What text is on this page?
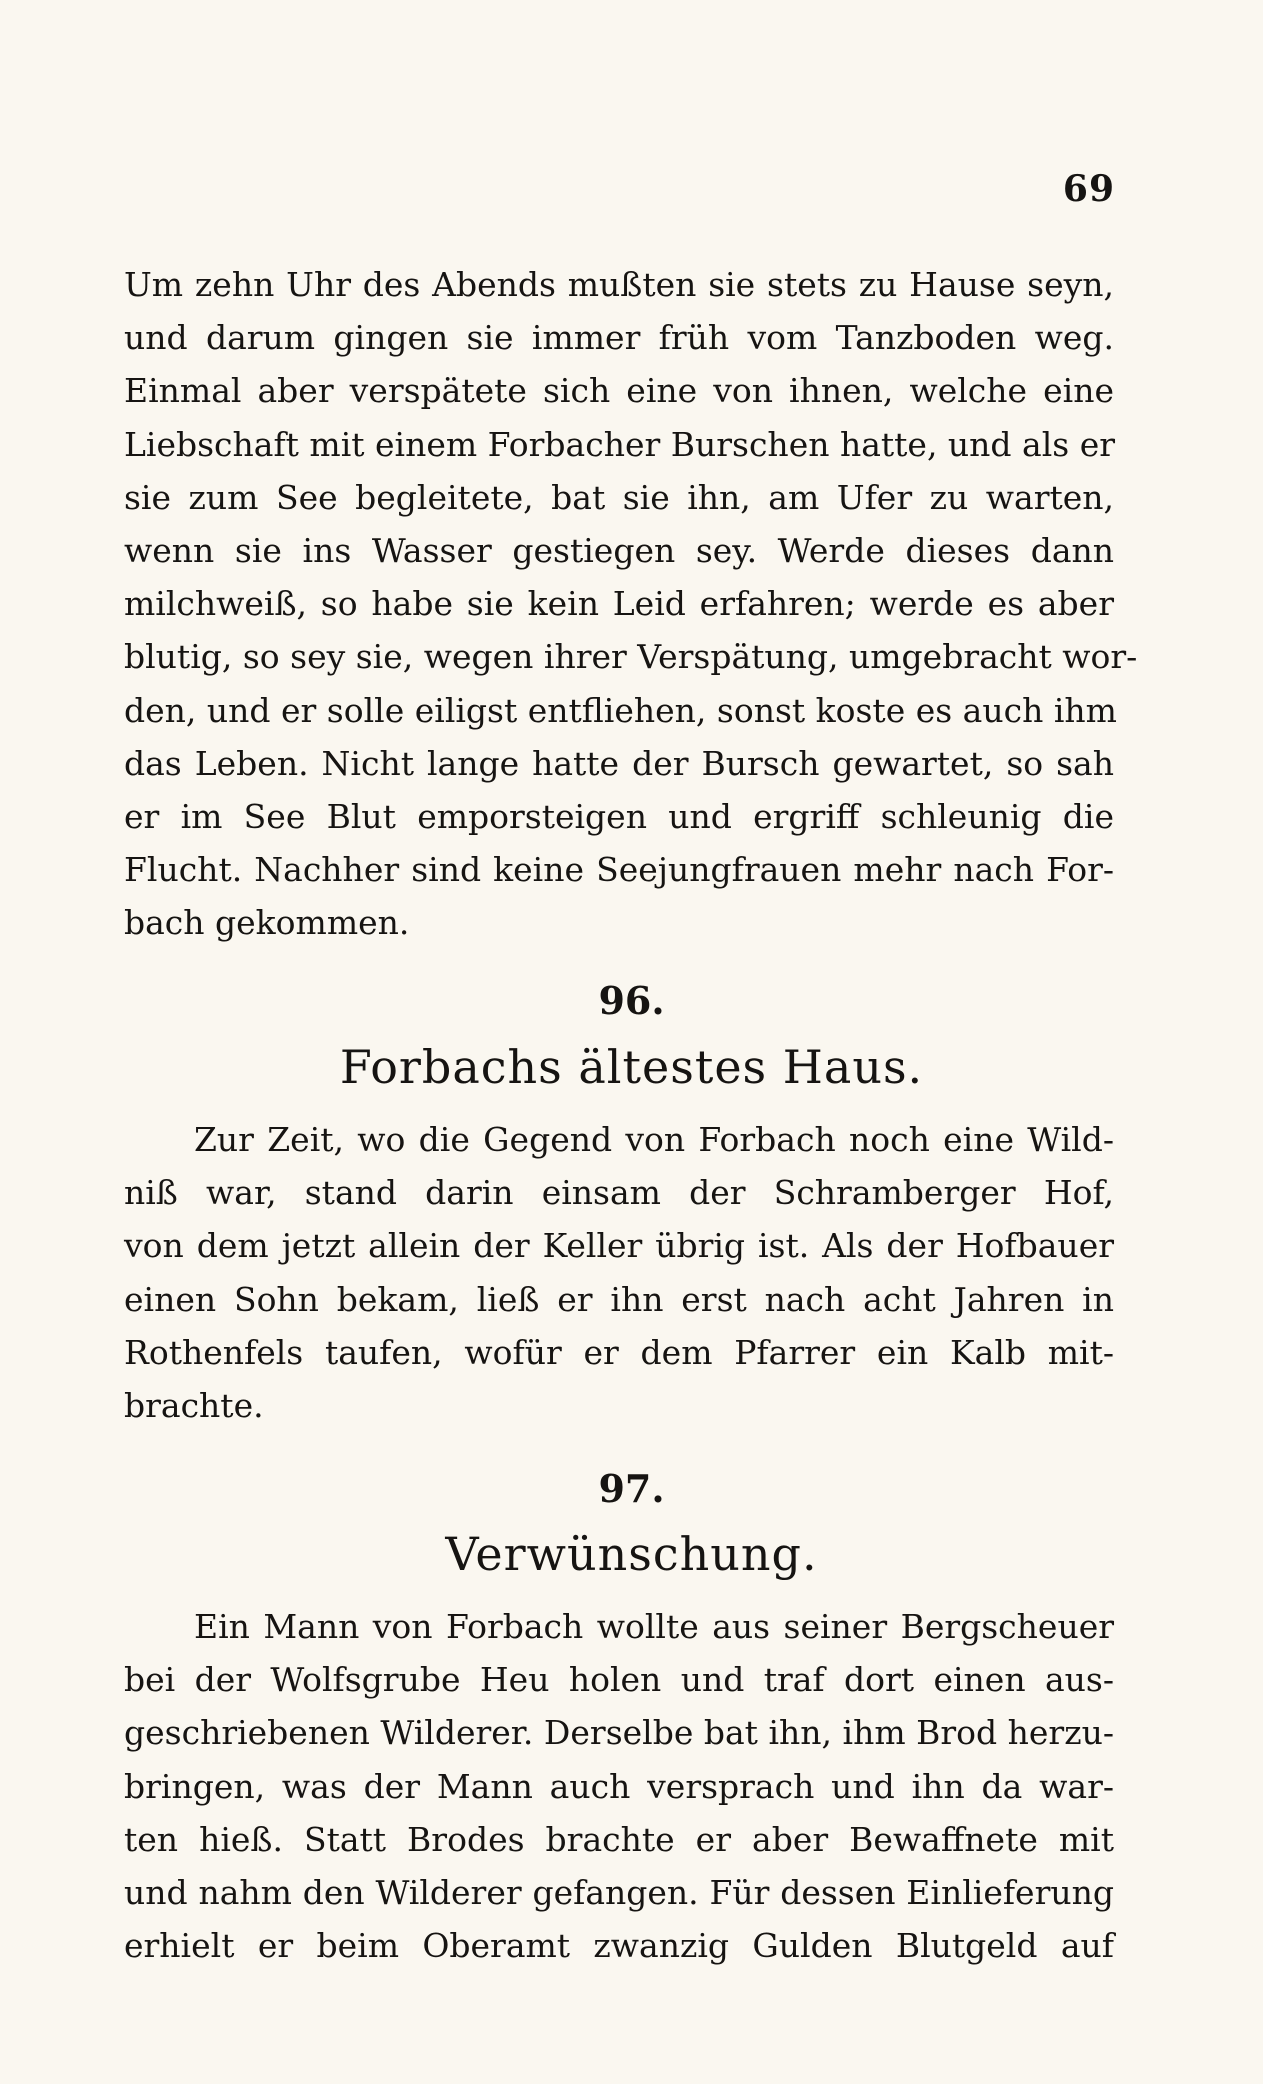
69
Um zehn Uhr des Abends mußten sie stets zu Hause seyn,
und darum gingen sie immer früh vom Tanzboden weg.
Einmal aber verspätete sich eine von ihnen, welche eine
Liebschaft mit einem Forbacher Burschen hatte, und als er
sie zum See begleitete, bat sie ihn, am Ufer zu warten,
wenn sie ins Wasser gestiegen sey. Werde dieses dann
milchweiß, so habe sie kein Leid erfahren; werde es aber
blutig, so sey sie, wegen ihrer Verspätung, umgebracht wor-
den, und er solle eiligst entfliehen, sonst koste es auch ihm
das Leben. Nicht lange hatte der Bursch gewartet, so sah
er im See Blut emporsteigen und ergriff schleunig die
Flucht. Nachher sind keine Seejungfrauen mehr nach For-
bach gekommen.
96.
Forbachs ältestes Haus.
Zur Zeit, wo die Gegend von Forbach noch eine Wild-
niß war, stand darin einsam der Schramberger Hof,
von dem jetzt allein der Keller übrig ist. Als der Hofbauer
einen Sohn bekam, ließ er ihn erst nach acht Jahren in
Rothenfels taufen, wofür er dem Pfarrer ein Kalb mit-
brachte.
97.
Verwünschung.
Ein Mann von Forbach wollte aus seiner Bergscheuer
bei der Wolfsgrube Heu holen und traf dort einen aus-
geschriebenen Wilderer. Derselbe bat ihn, ihm Brod herzu-
bringen, was der Mann auch versprach und ihn da war-
ten hieß. Statt Brodes brachte er aber Bewaffnete mit
und nahm den Wilderer gefangen. Für dessen Einlieferung
erhielt er beim Oberamt zwanzig Gulden Blutgeld auf
